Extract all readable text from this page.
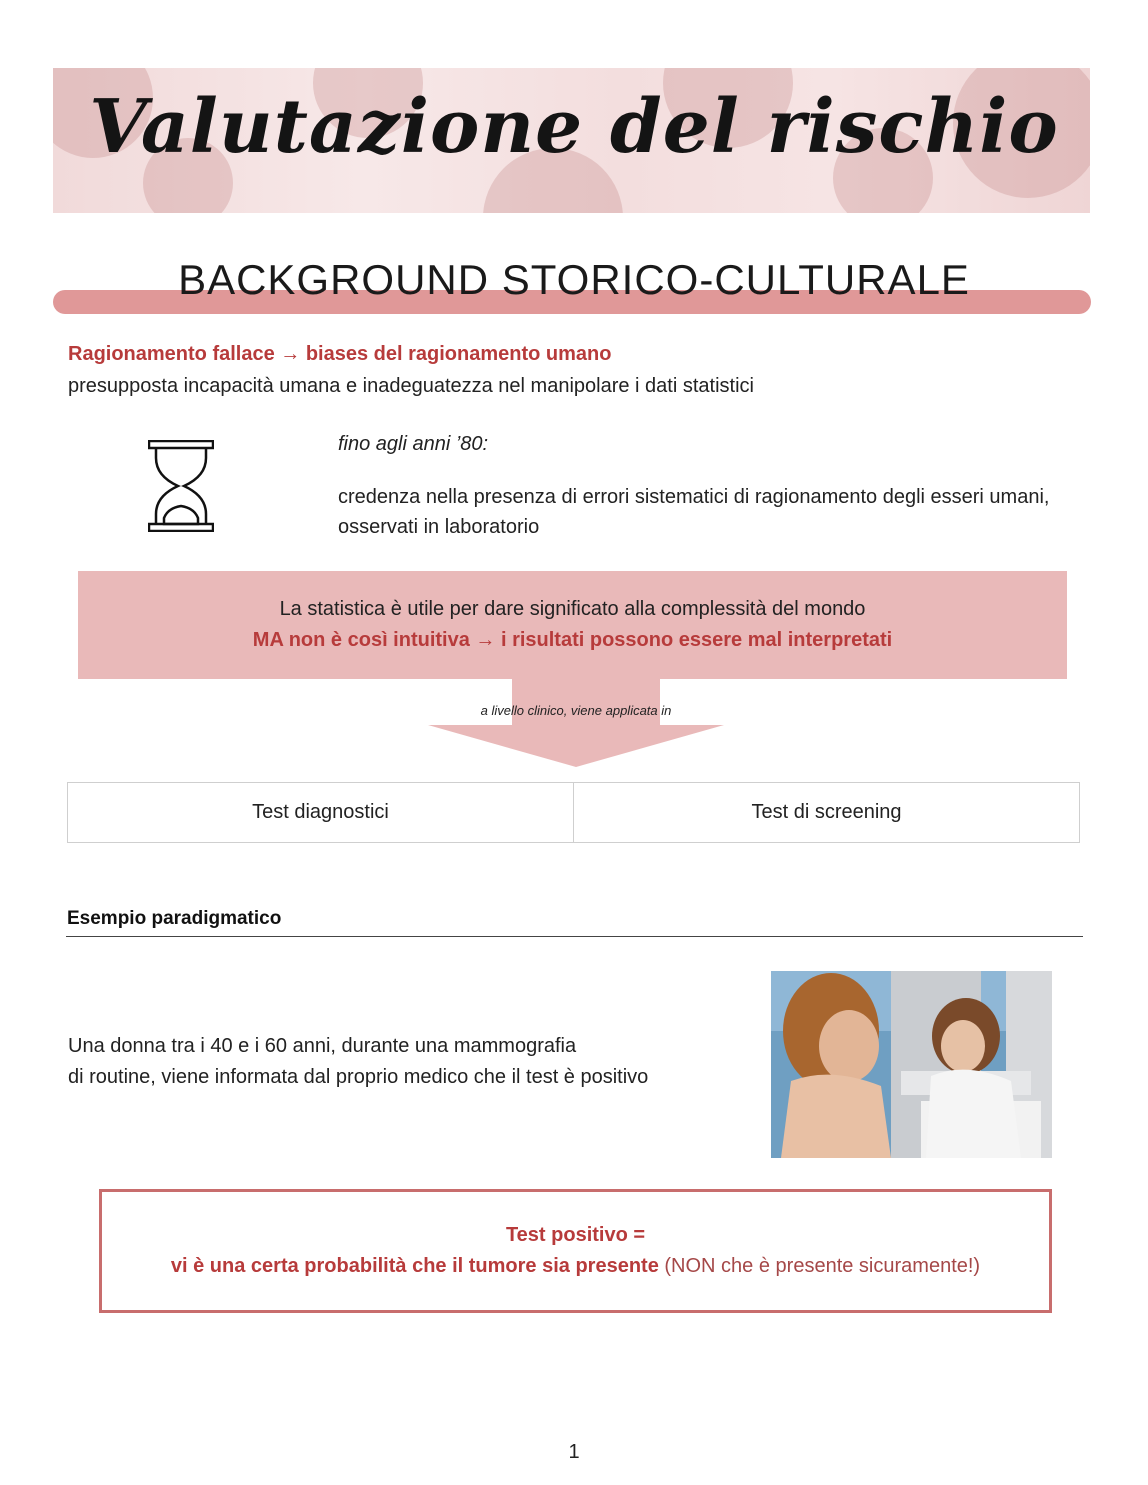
Valutazione del rischio
BACKGROUND STORICO-CULTURALE
Ragionamento fallace → biases del ragionamento umano
presupposta incapacità umana e inadeguatezza nel manipolare i dati statistici
fino agli anni ’80:
credenza nella presenza di errori sistematici di ragionamento degli esseri umani, osservati in laboratorio
La statistica è utile per dare significato alla complessità del mondo
MA non è così intuitiva → i risultati possono essere mal interpretati
a livello clinico, viene applicata in
Test diagnostici	Test di screening
Esempio paradigmatico
Una donna tra i 40 e i 60 anni, durante una mammografia
di routine, viene informata dal proprio medico che il test è positivo
Test positivo =
vi è una certa probabilità che il tumore sia presente (NON che è presente sicuramente!)
1
